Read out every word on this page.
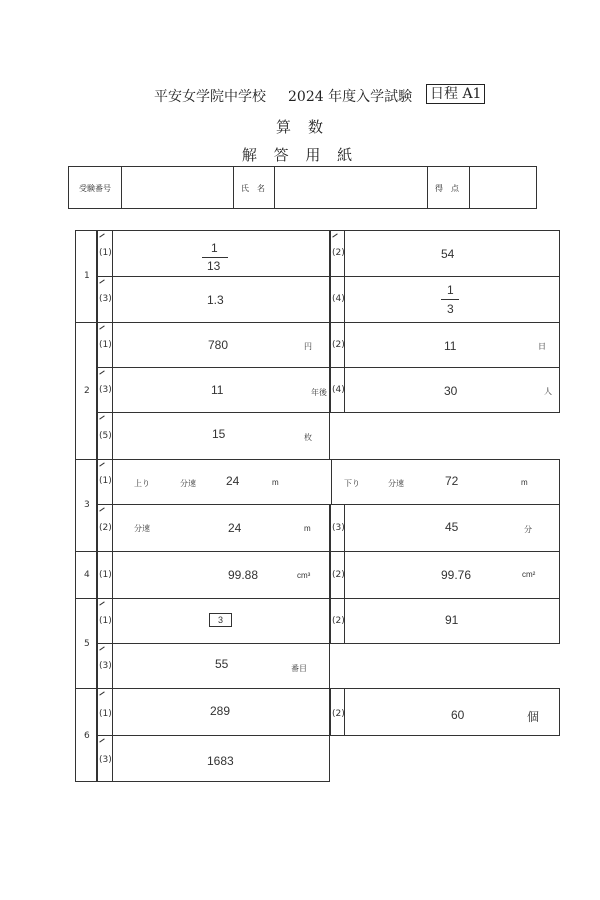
平安女学院中学校 2024 年度入学試験 日程 A1
算　数
解 答 用 紙
受験番号	氏　名	得　点
1
(1)	1
13
(2)	54
(3)	1.3	(4)
1
3
2
(1)	780	円 (2)	11	日
(3)	11	年後 (4)	30	人
(5)	15	枚
3
(1)	上り	分速	24	m	下り	分速	72	m
(2)	分速	24	m (3)	45	分
4 (1)	99.88	cm³ (2)	99.76	cm²
5
(1)	3	(2)	91
(3)	55	番目
6
(1)	289	(2)	60	個
(3)	1683
